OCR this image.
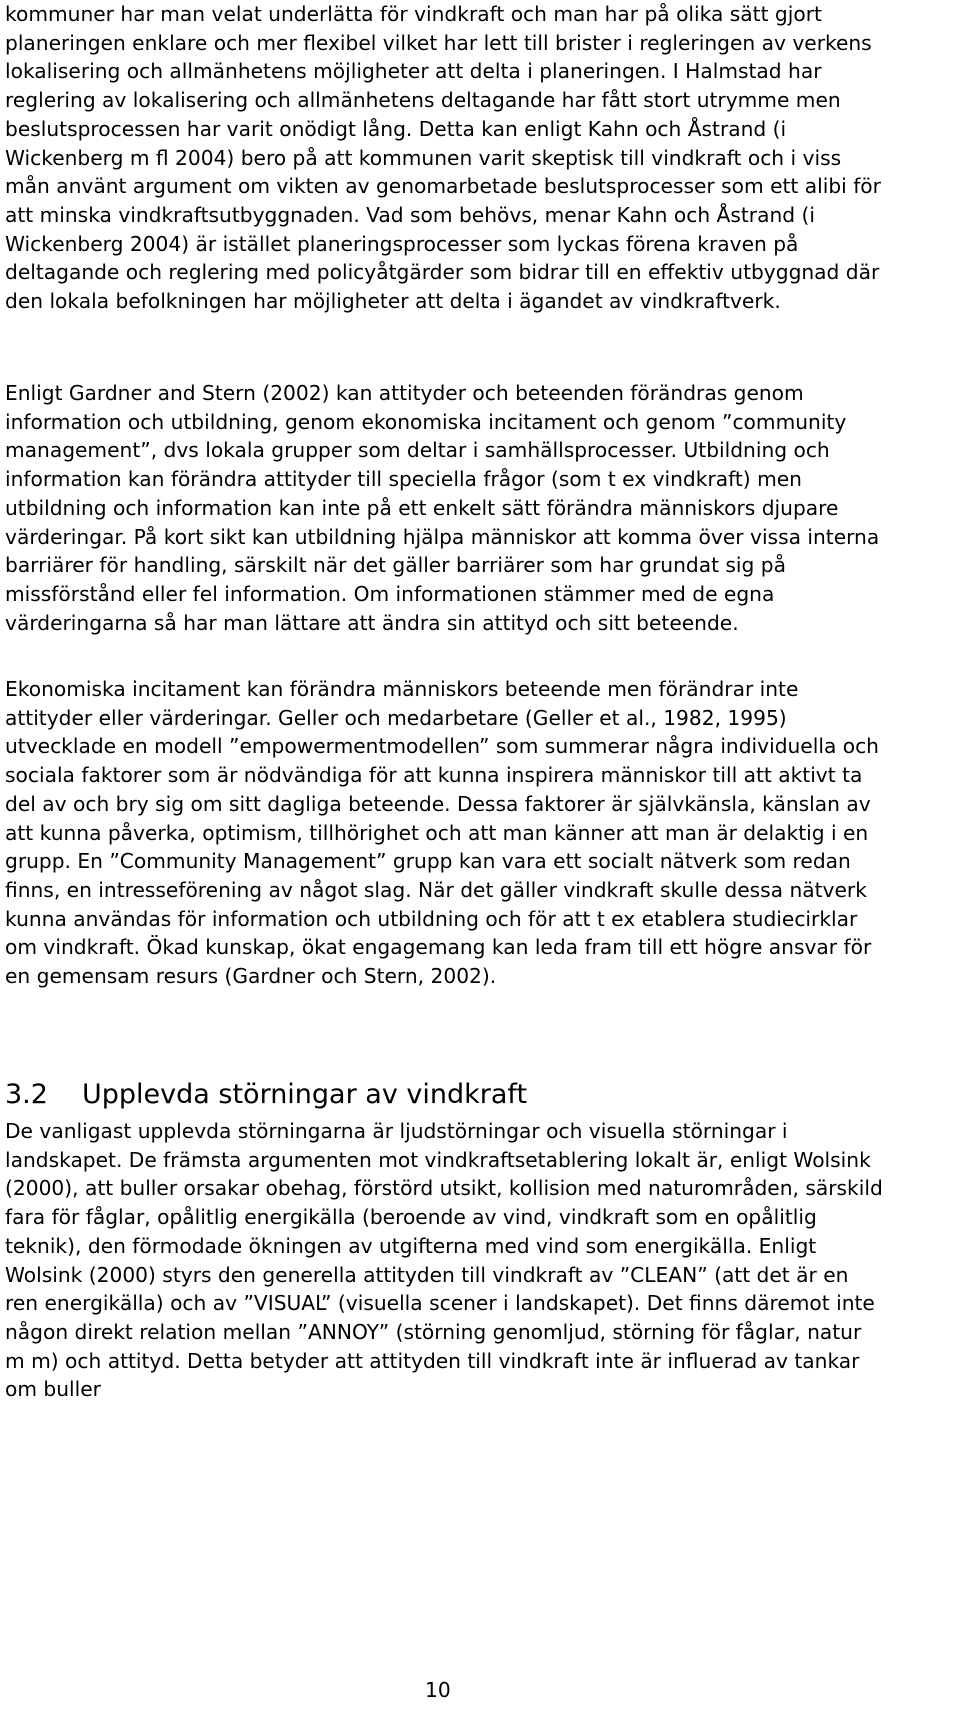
kommuner har man velat underlätta för vindkraft och man har på olika sätt gjort planeringen enklare och mer flexibel vilket har lett till brister i regleringen av verkens lokalisering och allmänhetens möjligheter att delta i planeringen. I Halmstad har reglering av lokalisering och allmänhetens deltagande har fått stort utrymme men beslutsprocessen har varit onödigt lång. Detta kan enligt Kahn och Åstrand (i Wickenberg m fl 2004) bero på att kommunen varit skeptisk till vindkraft och i viss mån använt argument om vikten av genomarbetade beslutsprocesser som ett alibi för att minska vindkraftsutbyggnaden. Vad som behövs, menar Kahn och Åstrand (i Wickenberg 2004) är istället planeringsprocesser som lyckas förena kraven på deltagande och reglering med policyåtgärder som bidrar till en effektiv utbyggnad där den lokala befolkningen har möjligheter att delta i ägandet av vindkraftverk.

Enligt Gardner and Stern (2002) kan attityder och beteenden förändras genom information och utbildning, genom ekonomiska incitament och genom ”community management”, dvs lokala grupper som deltar i samhällsprocesser. Utbildning och information kan förändra attityder till speciella frågor (som t ex vindkraft) men utbildning och information kan inte på ett enkelt sätt förändra människors djupare värderingar. På kort sikt kan utbildning hjälpa människor att komma över vissa interna barriärer för handling, särskilt när det gäller barriärer som har grundat sig på missförstånd eller fel information. Om informationen stämmer med de egna värderingarna så har man lättare att ändra sin attityd och sitt beteende.

Ekonomiska incitament kan förändra människors beteende men förändrar inte attityder eller värderingar. Geller och medarbetare (Geller et al., 1982, 1995) utvecklade en modell ”empowermentmodellen” som summerar några individuella och sociala faktorer som är nödvändiga för att kunna inspirera människor till att aktivt ta del av och bry sig om sitt dagliga beteende. Dessa faktorer är självkänsla, känslan av att kunna påverka, optimism, tillhörighet och att man känner att man är delaktig i en grupp. En ”Community Management” grupp kan vara ett socialt nätverk som redan finns, en intresseförening av något slag. När det gäller vindkraft skulle dessa nätverk kunna användas för information och utbildning och för att t ex etablera studiecirklar om vindkraft. Ökad kunskap, ökat engagemang kan leda fram till ett högre ansvar för en gemensam resurs (Gardner och Stern, 2002).

3.2 Upplevda störningar av vindkraft

De vanligast upplevda störningarna är ljudstörningar och visuella störningar i landskapet. De främsta argumenten mot vindkraftsetablering lokalt är, enligt Wolsink (2000), att buller orsakar obehag, förstörd utsikt, kollision med naturområden, särskild fara för fåglar, opålitlig energikälla (beroende av vind, vindkraft som en opålitlig teknik), den förmodade ökningen av utgifterna med vind som energikälla. Enligt Wolsink (2000) styrs den generella attityden till vindkraft av ”CLEAN” (att det är en ren energikälla) och av ”VISUAL” (visuella scener i landskapet). Det finns däremot inte någon direkt relation mellan ”ANNOY” (störning genomljud, störning för fåglar, natur m m) och attityd. Detta betyder att attityden till vindkraft inte är influerad av tankar om buller

10
